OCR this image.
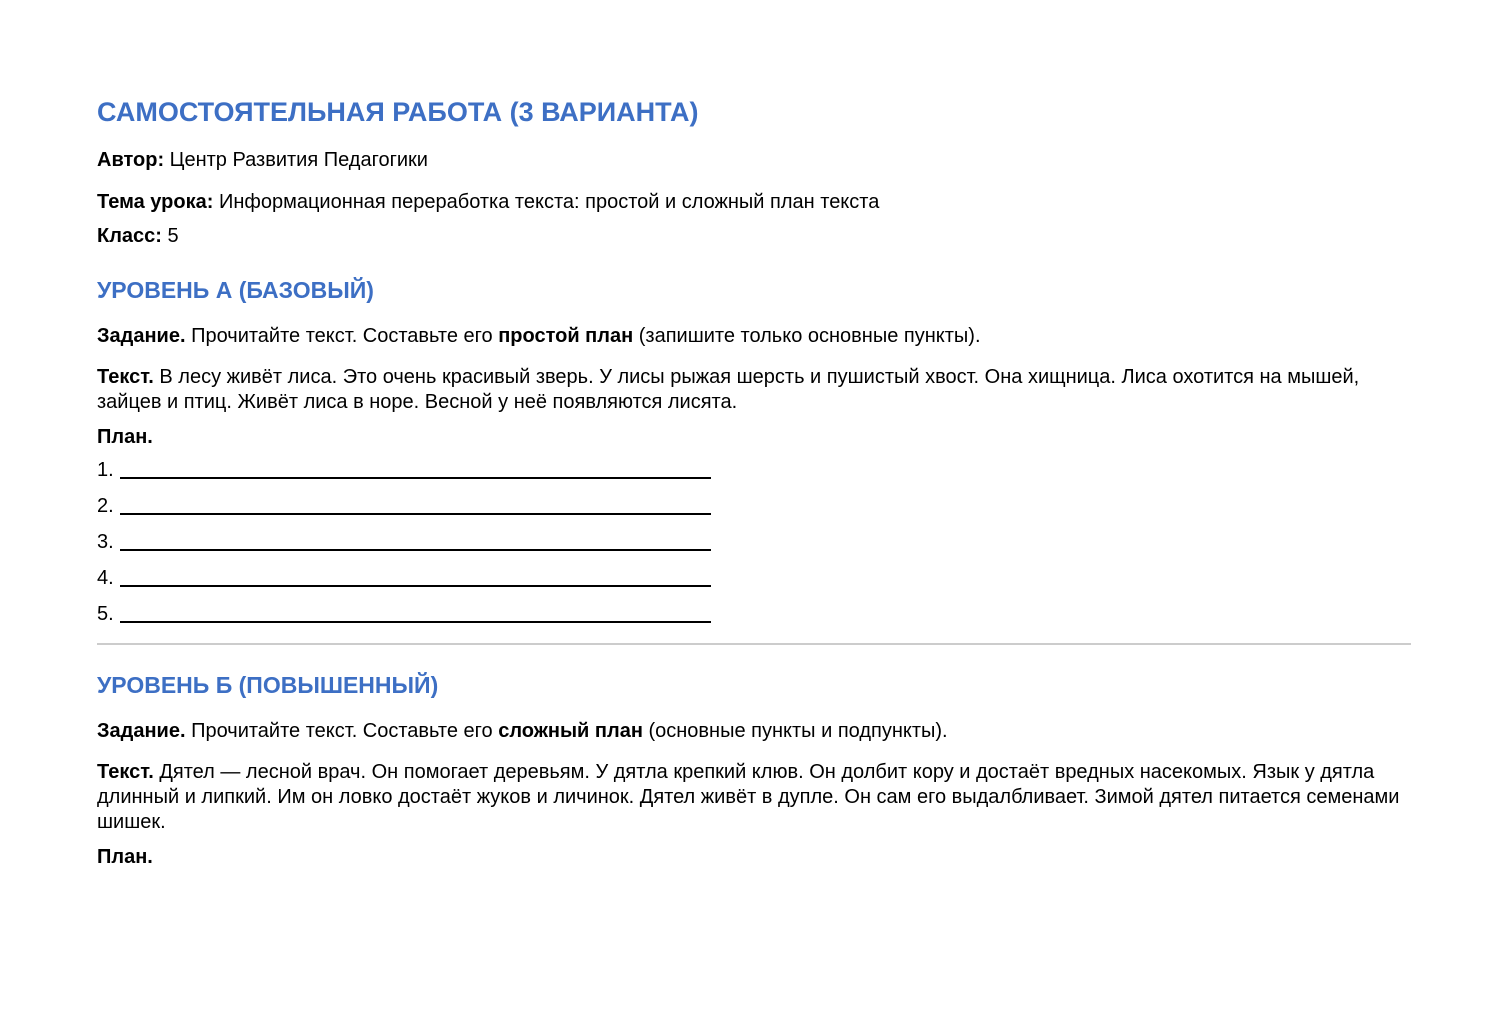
САМОСТОЯТЕЛЬНАЯ РАБОТА (3 ВАРИАНТА)

Автор: Центр Развития Педагогики

Тема урока: Информационная переработка текста: простой и сложный план текста

Класс: 5

УРОВЕНЬ А (БАЗОВЫЙ)

Задание. Прочитайте текст. Составьте его простой план (запишите только основные пункты).

Текст. В лесу живёт лиса. Это очень красивый зверь. У лисы рыжая шерсть и пушистый хвост. Она хищница. Лиса охотится на мышей, зайцев и птиц. Живёт лиса в норе. Весной у неё появляются лисята.

План.

1.
2.
3.
4.
5.
УРОВЕНЬ Б (ПОВЫШЕННЫЙ)

Задание. Прочитайте текст. Составьте его сложный план (основные пункты и подпункты).

Текст. Дятел — лесной врач. Он помогает деревьям. У дятла крепкий клюв. Он долбит кору и достаёт вредных насекомых. Язык у дятла длинный и липкий. Им он ловко достаёт жуков и личинок. Дятел живёт в дупле. Он сам его выдалбливает. Зимой дятел питается семенами шишек.

План.
